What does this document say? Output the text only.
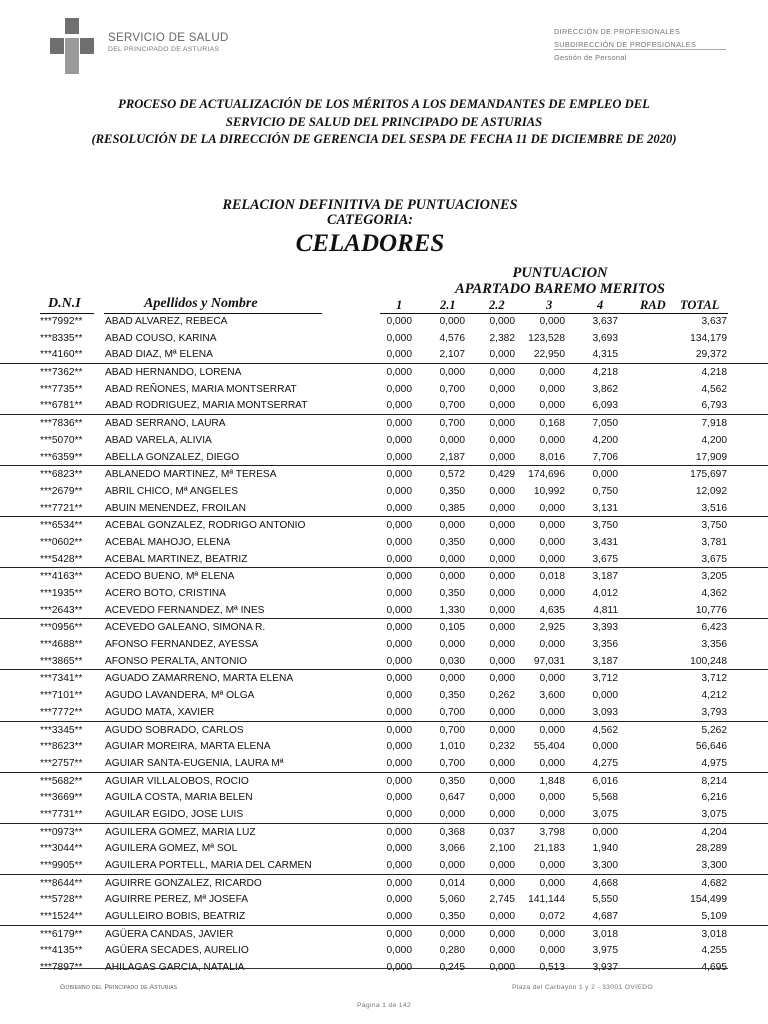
SERVICIO DE SALUD
DEL PRINCIPADO DE ASTURIAS
DIRECCIÓN DE PROFESIONALES
SUBDIRECCIÓN DE PROFESIONALES
Gestión de Personal
PROCESO DE ACTUALIZACIÓN DE LOS MÉRITOS A LOS DEMANDANTES DE EMPLEO DEL
SERVICIO DE SALUD DEL PRINCIPADO DE ASTURIAS
(RESOLUCIÓN DE LA DIRECCIÓN DE GERENCIA DEL SESPA DE FECHA 11 DE DICIEMBRE DE 2020)
RELACION DEFINITIVA DE PUNTUACIONES
CATEGORIA:
CELADORES
PUNTUACION
APARTADO BAREMO MERITOS
D.N.I	Apellidos y Nombre	1	2.1	2.2	3	4	RAD TOTAL
***7992** ABAD ALVAREZ, REBECA	0,000	0,000 0,000 0,000	3,637	3,637
***8335** ABAD COUSO, KARINA	0,000	4,576 2,382 123,528	3,693	134,179
***4160** ABAD DIAZ, Mª ELENA	0,000	2,107 0,000 22,950	4,315	29,372
***7362** ABAD HERNANDO, LORENA	0,000	0,000 0,000 0,000	4,218	4,218
***7735** ABAD REÑONES, MARIA MONTSERRAT	0,000	0,700 0,000 0,000	3,862	4,562
***6781** ABAD RODRIGUEZ, MARIA MONTSERRAT	0,000	0,700 0,000 0,000	6,093	6,793
***7836** ABAD SERRANO, LAURA	0,000	0,700 0,000 0,168	7,050	7,918
***5070** ABAD VARELA, ALIVIA	0,000	0,000 0,000 0,000	4,200	4,200
***6359** ABELLA GONZALEZ, DIEGO	0,000	2,187 0,000 8,016	7,706	17,909
***6823** ABLANEDO MARTINEZ, Mª TERESA	0,000	0,572 0,429 174,696	0,000	175,697
***2679** ABRIL CHICO, Mª ANGELES	0,000	0,350 0,000 10,992	0,750	12,092
***7721** ABUIN MENENDEZ, FROILAN	0,000	0,385 0,000 0,000	3,131	3,516
***6534** ACEBAL GONZALEZ, RODRIGO ANTONIO	0,000	0,000 0,000 0,000	3,750	3,750
***0602** ACEBAL MAHOJO, ELENA	0,000	0,350 0,000 0,000	3,431	3,781
***5428** ACEBAL MARTINEZ, BEATRIZ	0,000	0,000 0,000 0,000	3,675	3,675
***4163** ACEDO BUENO, Mª ELENA	0,000	0,000 0,000 0,018	3,187	3,205
***1935** ACERO BOTO, CRISTINA	0,000	0,350 0,000 0,000	4,012	4,362
***2643** ACEVEDO FERNANDEZ, Mª INES	0,000	1,330 0,000 4,635	4,811	10,776
***0956** ACEVEDO GALEANO, SIMONA R.	0,000	0,105 0,000 2,925	3,393	6,423
***4688** AFONSO FERNANDEZ, AYESSA	0,000	0,000 0,000 0,000	3,356	3,356
***3865** AFONSO PERALTA, ANTONIO	0,000	0,030 0,000 97,031	3,187	100,248
***7341** AGUADO ZAMARRENO, MARTA ELENA	0,000	0,000 0,000 0,000	3,712	3,712
***7101** AGUDO LAVANDERA, Mª OLGA	0,000	0,350 0,262 3,600	0,000	4,212
***7772** AGUDO MATA, XAVIER	0,000	0,700 0,000 0,000	3,093	3,793
***3345** AGUDO SOBRADO, CARLOS	0,000	0,700 0,000 0,000	4,562	5,262
***8623** AGUIAR MOREIRA, MARTA ELENA	0,000	1,010 0,232 55,404	0,000	56,646
***2757** AGUIAR SANTA-EUGENIA, LAURA Mª	0,000	0,700 0,000 0,000	4,275	4,975
***5682** AGUIAR VILLALOBOS, ROCIO	0,000	0,350 0,000 1,848	6,016	8,214
***3669** AGUILA COSTA, MARIA BELEN	0,000	0,647 0,000 0,000	5,568	6,216
***7731** AGUILAR EGIDO, JOSE LUIS	0,000	0,000 0,000 0,000	3,075	3,075
***0973** AGUILERA GOMEZ, MARIA LUZ	0,000	0,368 0,037 3,798	0,000	4,204
***3044** AGUILERA GOMEZ, Mª SOL	0,000	3,066 2,100 21,183	1,940	28,289
***9905** AGUILERA PORTELL, MARIA DEL CARMEN	0,000	0,000 0,000 0,000	3,300	3,300
***8644** AGUIRRE GONZALEZ, RICARDO	0,000	0,014 0,000 0,000	4,668	4,682
***5728** AGUIRRE PEREZ, Mª JOSEFA	0,000	5,060 2,745 141,144	5,550	154,499
***1524** AGULLEIRO BOBIS, BEATRIZ	0,000	0,350 0,000 0,072	4,687	5,109
***6179** AGÜERA CANDAS, JAVIER	0,000	0,000 0,000 0,000	3,018	3,018
***4135** AGÜERA SECADES, AURELIO	0,000	0,280 0,000 0,000	3,975	4,255
***7897** AHILAGAS GARCIA, NATALIA	0,000	0,245 0,000 0,513	3,937	4,695
Gobierno del Principado de Asturias	Plaza del Carbayón 1 y 2 - 33001 OVIEDO
Página 1 de 142
